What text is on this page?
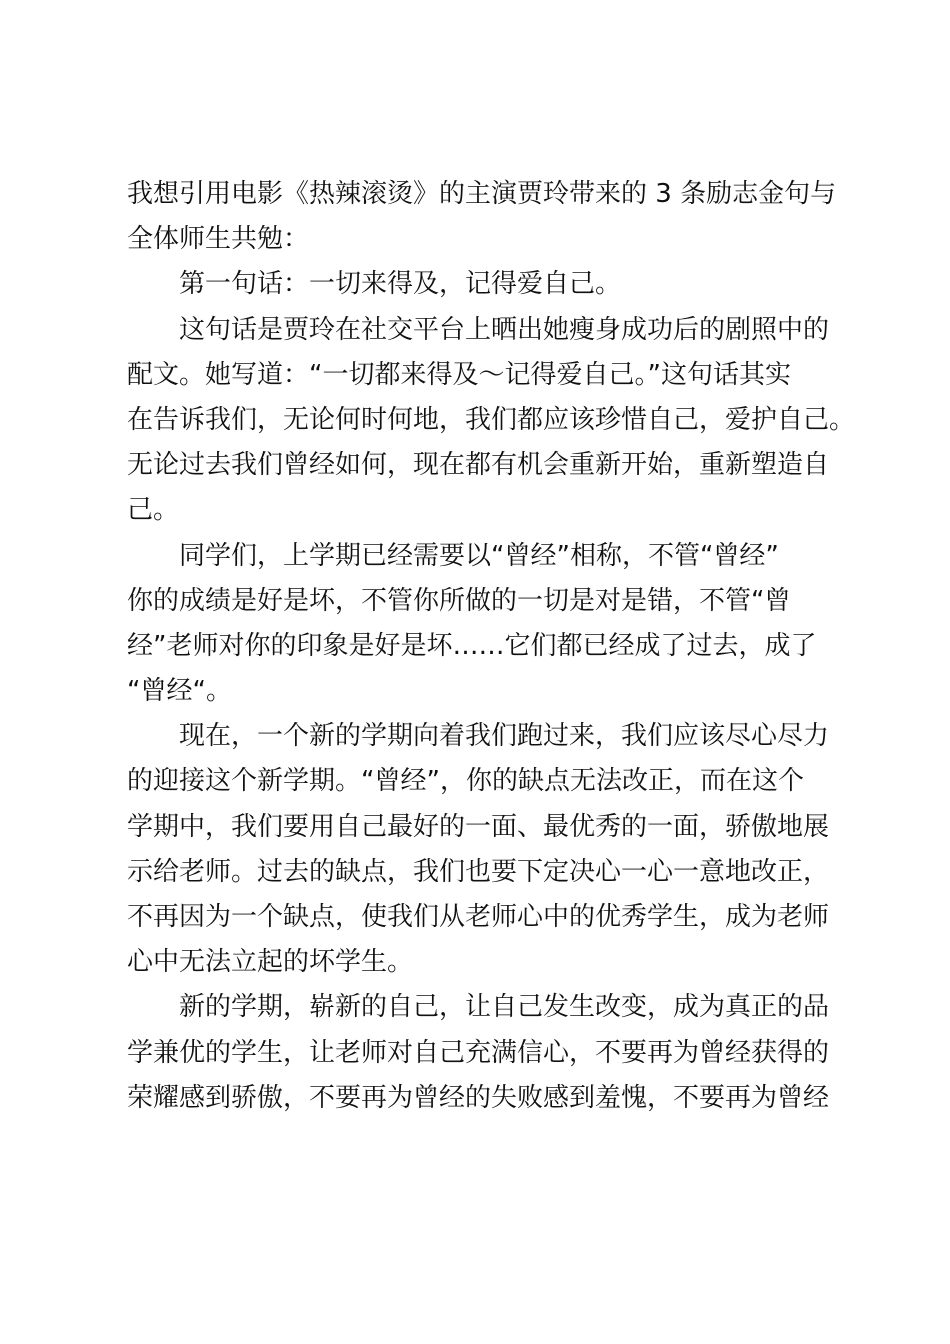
我想引用电影《热辣滚烫》的主演贾玲带来的 3 条励志金句与
全体师生共勉：
第一句话：一切来得及，记得爱自己。
这句话是贾玲在社交平台上晒出她瘦身成功后的剧照中的
配文。她写道：“一切都来得及～记得爱自己。”这句话其实
在告诉我们，无论何时何地，我们都应该珍惜自己，爱护自己。
无论过去我们曾经如何，现在都有机会重新开始，重新塑造自
己。
同学们，上学期已经需要以“曾经”相称，不管“曾经”
你的成绩是好是坏，不管你所做的一切是对是错，不管“曾
经”老师对你的印象是好是坏……它们都已经成了过去，成了
“曾经“。
现在，一个新的学期向着我们跑过来，我们应该尽心尽力
的迎接这个新学期。“曾经”，你的缺点无法改正，而在这个
学期中，我们要用自己最好的一面、最优秀的一面，骄傲地展
示给老师。过去的缺点，我们也要下定决心一心一意地改正，
不再因为一个缺点，使我们从老师心中的优秀学生，成为老师
心中无法立起的坏学生。
新的学期，崭新的自己，让自己发生改变，成为真正的品
学兼优的学生，让老师对自己充满信心，不要再为曾经获得的
荣耀感到骄傲，不要再为曾经的失败感到羞愧，不要再为曾经
